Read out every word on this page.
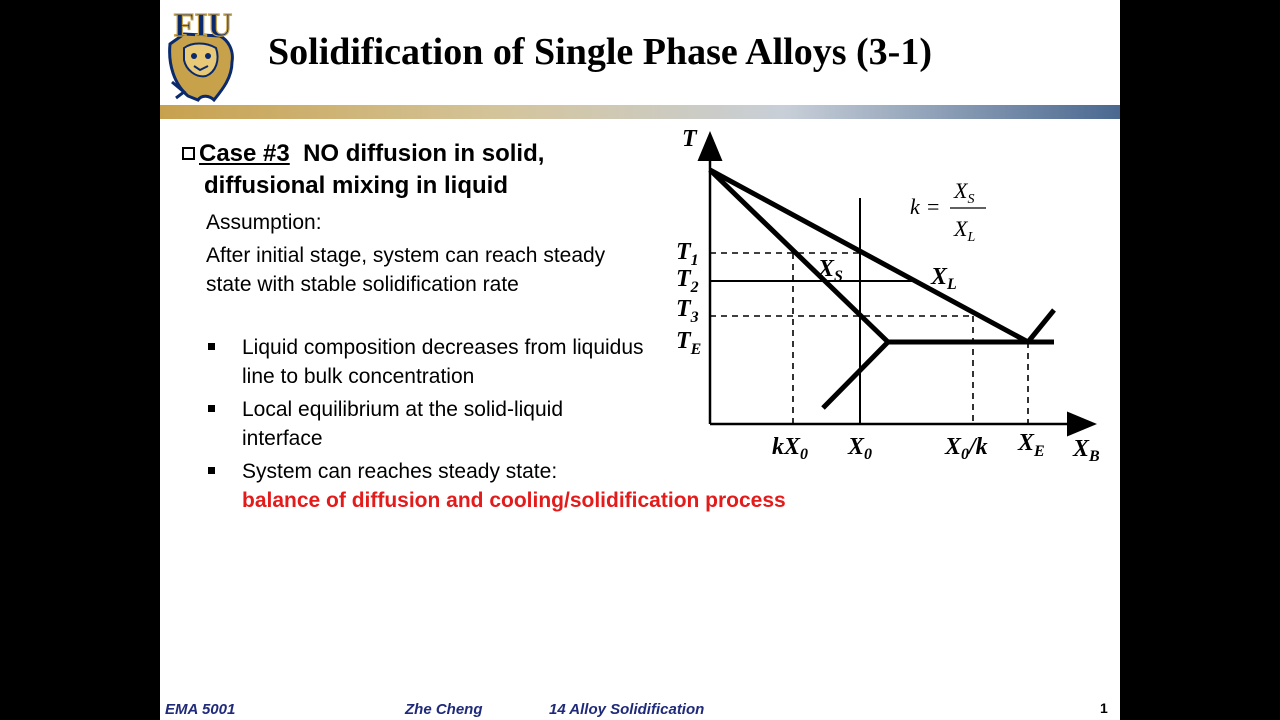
FIU
Solidification of Single Phase Alloys (3-1)
Case #3 NO diffusion in solid,
diffusional mixing in liquid
Assumption:
After initial stage, system can reach steady state with stable solidification rate
Liquid composition decreases from liquidus line to bulk concentration
Local equilibrium at the solid-liquid interface
System can reaches steady state:
balance of diffusion and cooling/solidification process
T
$X_B$
k =
$X_S$
$X_L$
$X_S$	$X_L$
$T_1$
$T_2$
$T_3$
$T_E$
$kX_0$ $X_0$	$X_0/k$ $X_E$
EMA 5001	Zhe Cheng	14 Alloy Solidification	1
